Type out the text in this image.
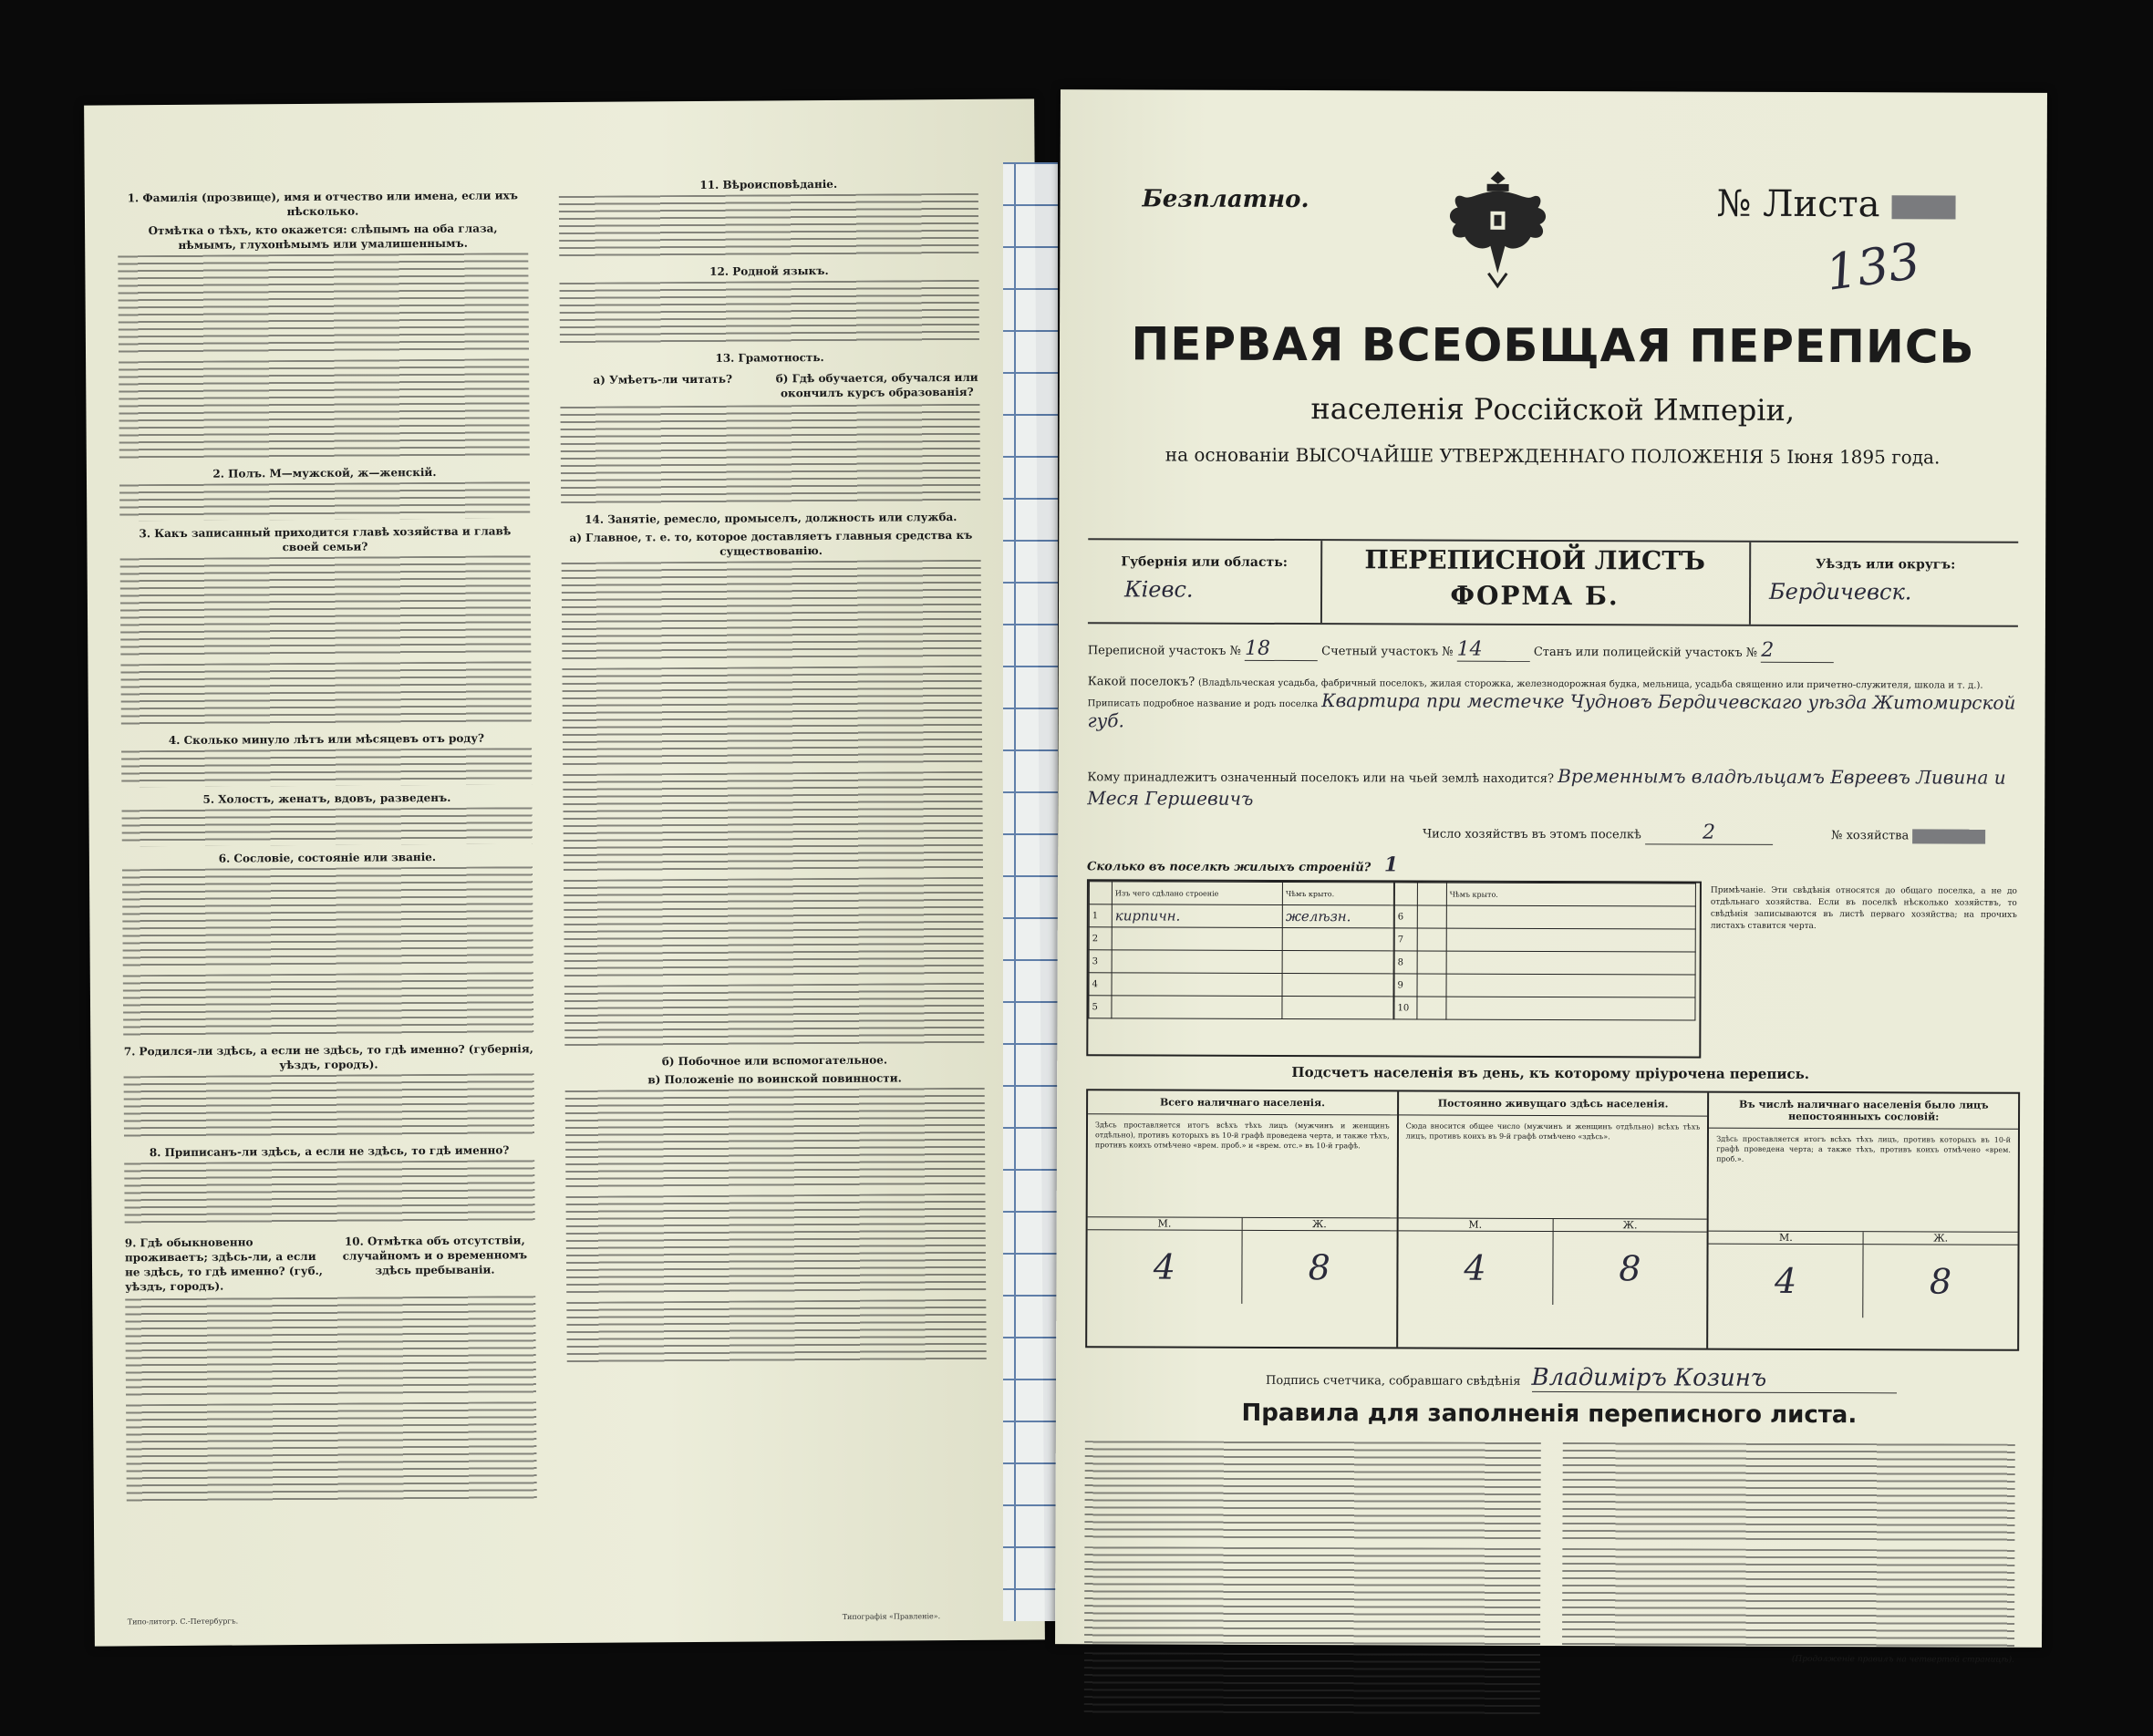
1. Фамилія (прозвище), имя и отчество или имена, если ихъ нѣсколько.
Отмѣтка о тѣхъ, кто окажется: слѣпымъ на оба глаза, нѣмымъ, глухонѣмымъ или умалишеннымъ.
2. Полъ. М—мужской, ж—женскій.
3. Какъ записанный приходится главѣ хозяйства и главѣ своей семьи?
4. Сколько минуло лѣтъ или мѣсяцевъ отъ роду?
5. Холостъ, женатъ, вдовъ, разведенъ.
6. Сословіе, состояніе или званіе.
7. Родился-ли здѣсь, а если не здѣсь, то гдѣ именно? (губернія, уѣздъ, городъ).
8. Приписанъ-ли здѣсь, а если не здѣсь, то гдѣ именно?
9. Гдѣ обыкновенно проживаетъ; здѣсь-ли, а если не здѣсь, то гдѣ именно? (губ., уѣздъ, городъ).
10. Отмѣтка объ отсутствіи, случайномъ и о временномъ здѣсь пребываніи.
11. Вѣроисповѣданіе.
12. Родной языкъ.
13. Грамотность.
а) Умѣетъ-ли читать?	б) Гдѣ обучается, обучался или окончилъ курсъ образованія?
14. Занятіе, ремесло, промыселъ, должность или служба.
а) Главное, т. е. то, которое доставляетъ главныя средства къ существованію.
б) Побочное или вспомогательное.
в) Положеніе по воинской повинности.
Типо-литогр. С.-Петербургъ.
Типографія «Правленіе».
Безплатно.	№ Листа
133
ПЕРВАЯ ВСЕОБЩАЯ ПЕРЕПИСЬ
населенія Россійской Имперіи,
на основаніи ВЫСОЧАЙШЕ УТВЕРЖДЕННАГО ПОЛОЖЕНІЯ 5 Іюня 1895 года.
Губернія или область:
Кіевс.
ПЕРЕПИСНОЙ ЛИСТЪ
ФОРМА Б.
Уѣздъ или округъ:
Бердичевск.
Переписной участокъ № 18	Счетный участокъ № 14	Станъ или полицейскій участокъ № 2
Какой поселокъ? (Владѣльческая усадьба, фабричный поселокъ, жилая сторожка, железнодорожная будка, мельница, усадьба священно или причетно-служителя, школа и т. д.). Приписать подробное название и родъ поселка Квартира при местечке Чудновъ Бердичевскаго уѣзда Житомирской губ.
Кому принадлежитъ означенный поселокъ или на чьей землѣ находится? Временнымъ владѣльцамъ Евреевъ Ливина и Меся Гершевичъ
Число хозяйствъ въ этомъ поселкѣ	2	№ хозяйства
Сколько въ поселкѣ жилыхъ строеній? 1
	Изъ чего сдѣлано строеніе	Чѣмъ крыто.
1	кирпичн.	желѣзн.
2		
3		
4		
5		
		Чѣмъ крыто.
6		
7		
8		
9		
10		
Примѣчаніе. Эти свѣдѣнія относятся до общаго поселка, а не до отдѣльнаго хозяйства. Если въ поселкѣ нѣсколько хозяйствъ, то свѣдѣнія записываются въ листѣ перваго хозяйства; на прочихъ листахъ ставится черта.
Подсчетъ населенія въ день, къ которому пріурочена перепись.
Всего наличнаго населенія.
Здѣсь проставляется итогъ всѣхъ тѣхъ лицъ (мужчинъ и женщинъ отдѣльно), противъ которыхъ въ 10-й графѣ проведена черта, и также тѣхъ, противъ коихъ отмѣчено «врем. проб.» и «врем. отс.» въ 10-й графѣ.
М.	Ж.
4	8
Постоянно живущаго здѣсь населенія.
Сюда вносится общее число (мужчинъ и женщинъ отдѣльно) всѣхъ тѣхъ лицъ, противъ коихъ въ 9-й графѣ отмѣчено «здѣсь».
М.	Ж.
4	8
Въ числѣ наличнаго населенія было лицъ непостоянныхъ сословій:
Здѣсь проставляется итогъ всѣхъ тѣхъ лицъ, противъ которыхъ въ 10-й графѣ проведена черта; а также тѣхъ, противъ коихъ отмѣчено «врем. проб.».
М.	Ж.
4	8
Подпись счетчика, собравшаго свѣдѣнія Владиміръ Козинъ
Правила для заполненія переписного листа.
(Продолженіе правилъ на четвертой страницѣ).
